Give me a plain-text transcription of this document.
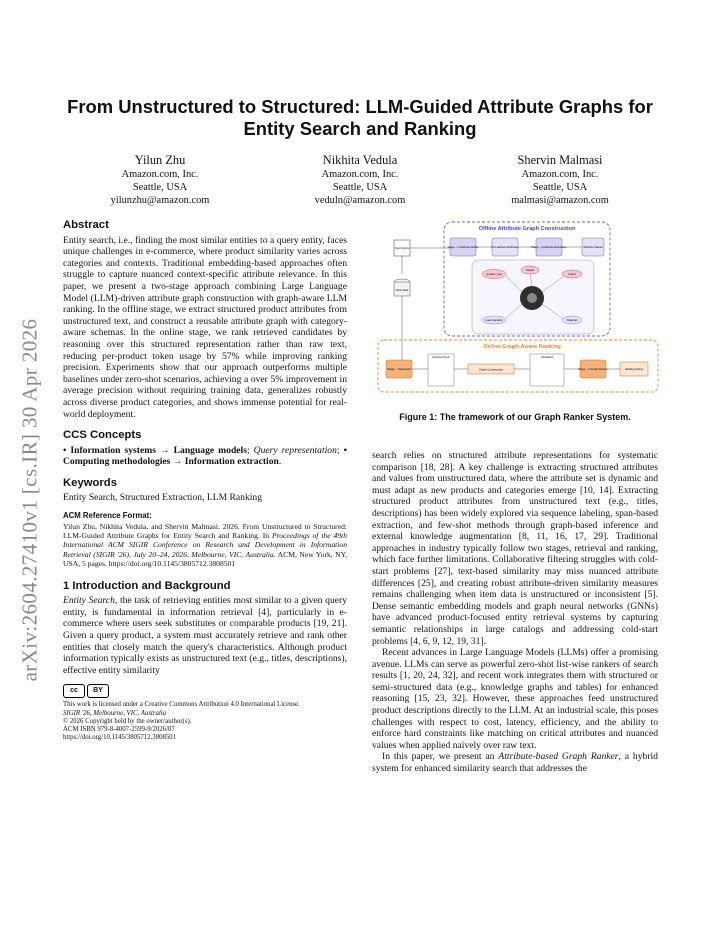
arXiv:2604.27410v1 [cs.IR] 30 Apr 2026
From Unstructured to Structured: LLM-Guided Attribute Graphs for Entity Search and Ranking
Yilun Zhu
Amazon.com, Inc.
Seattle, USA
yilunzhu@amazon.com
Nikhita Vedula
Amazon.com, Inc.
Seattle, USA
veduln@amazon.com
Shervin Malmasi
Amazon.com, Inc.
Seattle, USA
malmasi@amazon.com
Abstract

Entity search, i.e., finding the most similar entities to a query entity, faces unique challenges in e-commerce, where product similarity varies across categories and contexts. Traditional embedding-based approaches often struggle to capture nuanced context-specific attribute relevance. In this paper, we present a two-stage approach combining Large Language Model (LLM)-driven attribute graph construction with graph-aware LLM ranking. In the offline stage, we extract structured product attributes from unstructured text, and construct a reusable attribute graph with category-aware schemas. In the online stage, we rank retrieved candidates by reasoning over this structured representation rather than raw text, reducing per-product token usage by 57% while improving ranking precision. Experiments show that our approach outperforms multiple baselines under zero-shot scenarios, achieving a over 5% improvement in average precision without requiring training data, generalizes robustly across diverse product categories, and shows immense potential for real-world deployment.

CCS Concepts

• Information systems → Language models; Query representation; • Computing methodologies → Information extraction.

Keywords

Entity Search, Structured Extraction, LLM Ranking

ACM Reference Format:

Yilun Zhu, Nikhita Vedula, and Shervin Malmasi. 2026. From Unstructured to Structured: LLM-Guided Attribute Graphs for Entity Search and Ranking. In Proceedings of the 49th International ACM SIGIR Conference on Research and Development in Information Retrieval (SIGIR '26), July 20–24, 2026, Melbourne, VIC, Australia. ACM, New York, NY, USA, 5 pages. https://doi.org/10.1145/3805712.3808501

1 Introduction and Background

Entity Search, the task of retrieving entities most similar to a given query entity, is fundamental in information retrieval [4], particularly in e-commerce where users seek substitutes or comparable products [19, 21]. Given a query product, a system must accurately retrieve and rank other entities that closely match the query's characteristics. Although product information typically exists as unstructured text (e.g., titles, descriptions), effective entity similarity

cc	BY
This work is licensed under a Creative Commons Attribution 4.0 International License.
SIGIR '26, Melbourne, VIC, Australia
© 2026 Copyright held by the owner/author(s).
ACM ISBN 979-8-4007-2599-9/2026/07
https://doi.org/10.1145/3805712.3808501
Offline Attribute Graph Construction
Query Entity	Stage - 1 Attribute Define	Pre-defined Attributes	Stage - 2 Attribute Extraction	Attribute Values
Store Data
product_type
weight
brand
Load capacity	Material
Online Graph-Aware Ranking
Stage - 1 Retrieval
Retrieved Top-K
Graph Construction
Candidates
Stage - 2 Graph Ranker	Ranking Output
Figure 1: The framework of our Graph Ranker System.

search relies on structured attribute representations for systematic comparison [18, 28]. A key challenge is extracting structured attributes and values from unstructured data, where the attribute set is dynamic and must adapt as new products and categories emerge [10, 14]. Extracting structured product attributes from unstructured text (e.g., titles, descriptions) has been widely explored via sequence labeling, span-based extraction, and few-shot methods through graph-based inference and external knowledge augmentation [8, 11, 16, 17, 29]. Traditional approaches in industry typically follow two stages, retrieval and ranking, which face further limitations. Collaborative filtering struggles with cold-start problems [27], text-based similarity may miss nuanced attribute differences [25], and creating robust attribute-driven similarity measures remains challenging when item data is unstructured or inconsistent [5]. Dense semantic embedding models and graph neural networks (GNNs) have advanced product-focused entity retrieval systems by capturing semantic relationships in large catalogs and addressing cold-start problems [4, 6, 9, 12, 19, 31].

Recent advances in Large Language Models (LLMs) offer a promising avenue. LLMs can serve as powerful zero-shot list-wise rankers of search results [1, 20, 24, 32], and recent work integrates them with structured or semi-structured data (e.g., knowledge graphs and tables) for enhanced reasoning [15, 23, 32]. However, these approaches feed unstructured product descriptions directly to the LLM. At an industrial scale, this poses challenges with respect to cost, latency, efficiency, and the ability to enforce hard constraints like matching on critical attributes and nuanced values when applied naively over raw text.

In this paper, we present an Attribute-based Graph Ranker, a hybrid system for enhanced similarity search that addresses the
